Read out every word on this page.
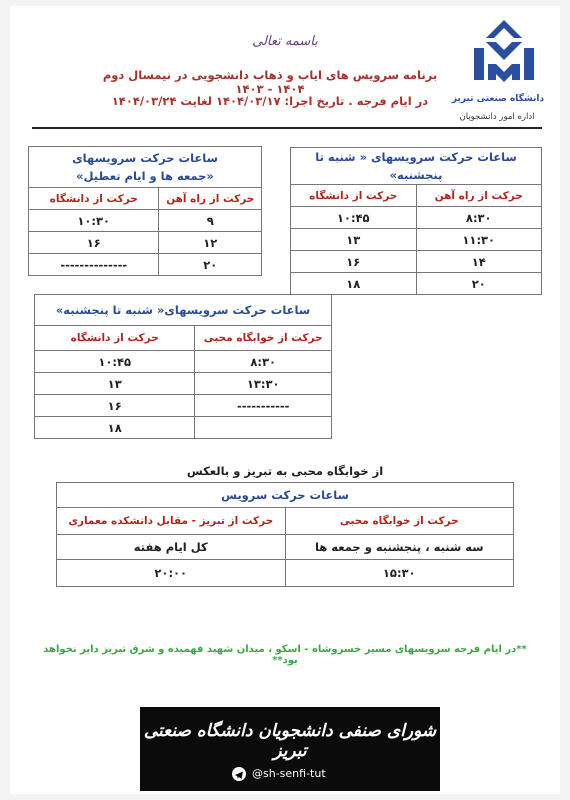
باسمه تعالی
برنامه سرویس های ایاب و ذهاب دانشجویی در نیمسال دوم ۱۴۰۴ - ۱۴۰۳
در ایام فرجه . تاریخ اجرا: ۱۴۰۴/۰۳/۱۷ لغایت ۱۴۰۴/۰۳/۲۴	دانشگاه صنعتی تبریز
اداره امور دانشجویان
ساعات حرکت سرویسهای « شنبه تا پنجشنبه»	
حرکت از راه آهن	حرکت از دانشگاه
۸:۳۰	۱۰:۴۵
۱۱:۳۰	۱۳
۱۴	۱۶
۲۰	۱۸
ساعات حرکت سرویسهای
«جمعه ها و ایام تعطیل»	

حرکت از راه آهن	حرکت از دانشگاه
۹	۱۰:۳۰
۱۲	۱۶
۲۰	--------------
ساعات حرکت سرویسهای« شنبه تا پنجشنبه»	
حرکت از خوابگاه محبی	حرکت از دانشگاه
۸:۳۰	۱۰:۴۵
۱۳:۳۰	۱۳
-----------	۱۶
	۱۸
از خوابگاه محبی به تبریز و بالعکس
ساعات حرکت سرویس	
حرکت از خوابگاه محبی	حرکت از تبریز - مقابل دانشکده معماری
سه شنبه ، پنجشنبه و جمعه ها	کل ایام هفته
۱۵:۳۰	۲۰:۰۰
**در ایام فرجه سرویسهای مسیر خسروشاه - اسکو ، میدان شهید فهمیده و شرق تبریز دایر نخواهد بود**
شورای صنفی دانشجویان دانشگاه صنعتی تبریز
@sh-senfi-tut
